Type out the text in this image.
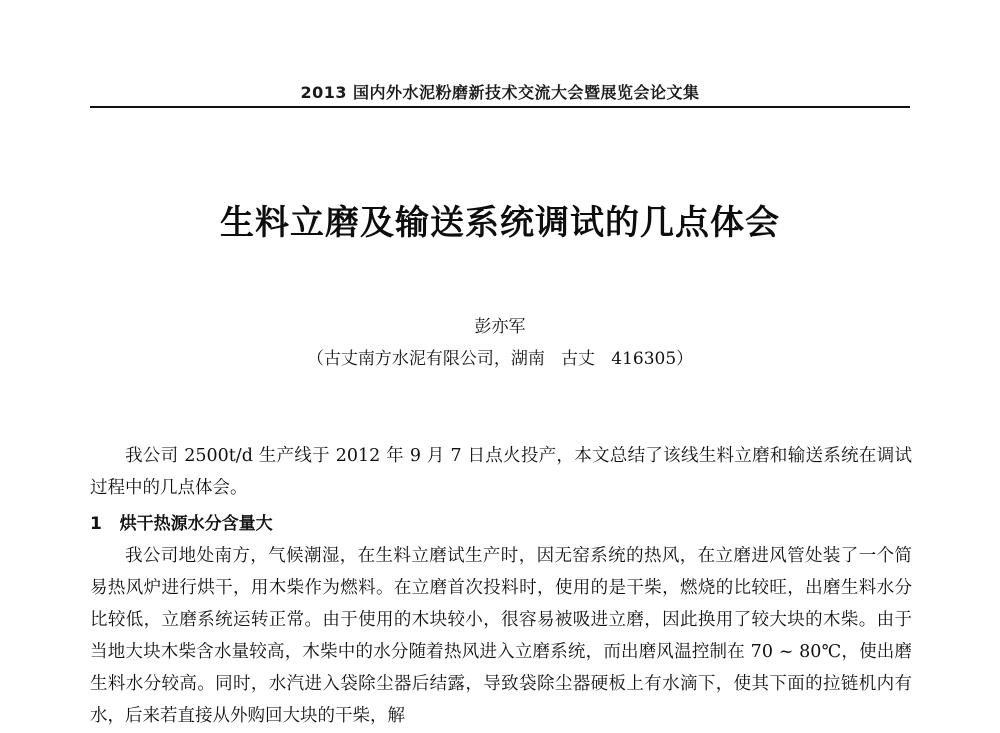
2013 国内外水泥粉磨新技术交流大会暨展览会论文集
生料立磨及输送系统调试的几点体会
彭亦军
（古丈南方水泥有限公司，湖南   古丈   416305）

我公司 2500t/d 生产线于 2012 年 9 月 7 日点火投产，本文总结了该线生料立磨和输送系统在调试过程中的几点体会。

1   烘干热源水分含量大

我公司地处南方，气候潮湿，在生料立磨试生产时，因无窑系统的热风，在立磨进风管处装了一个简易热风炉进行烘干，用木柴作为燃料。在立磨首次投料时，使用的是干柴，燃烧的比较旺，出磨生料水分比较低，立磨系统运转正常。由于使用的木块较小，很容易被吸进立磨，因此换用了较大块的木柴。由于当地大块木柴含水量较高，木柴中的水分随着热风进入立磨系统，而出磨风温控制在 70 ~ 80℃，使出磨生料水分较高。同时，水汽进入袋除尘器后结露，导致袋除尘器硬板上有水滴下，使其下面的拉链机内有水，后来若直接从外购回大块的干柴，解
